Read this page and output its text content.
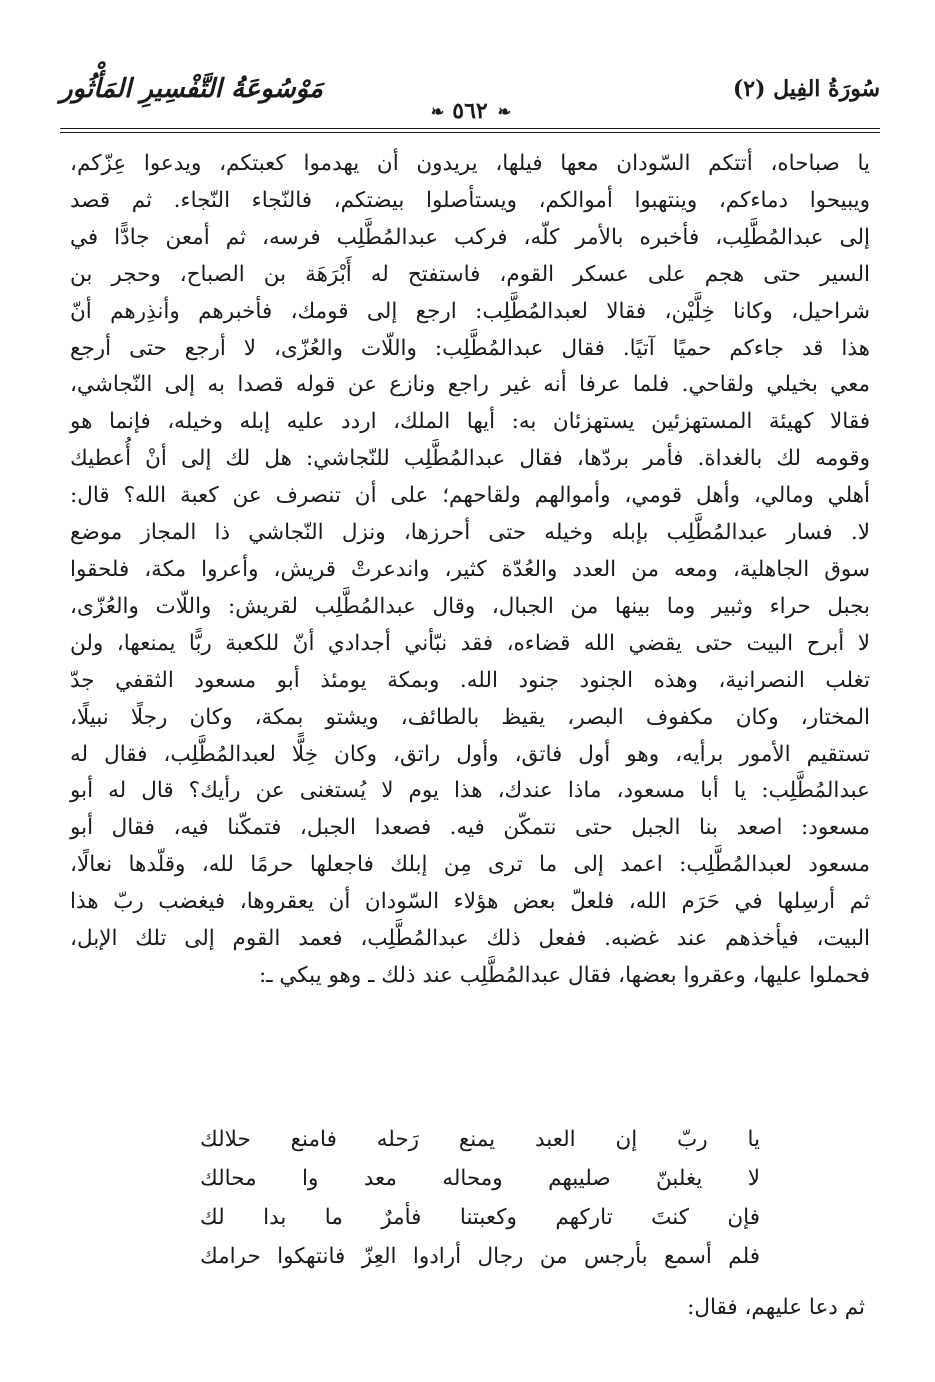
سُورَةُ الفِيل (٢)
مَوْسُوعَةُ التَّفْسِيرِ المَأْثُور
❧ ٥٦٢ ❧
يا صباحاه، أتتكم السّودان معها فيلها، يريدون أن يهدموا كعبتكم، ويدعوا عِزّكم،
ويبيحوا دماءكم، وينتهبوا أموالكم، ويستأصلوا بيضتكم، فالنّجاء النّجاء. ثم قصد
إلى عبدالمُطَّلِب، فأخبره بالأمر كلّه، فركب عبدالمُطَّلِب فرسه، ثم أمعن جادًّا في
السير حتى هجم على عسكر القوم، فاستفتح له أَبْرَهَة بن الصباح، وحجر بن
شراحيل، وكانا خِلَّيْن، فقالا لعبدالمُطَّلِب: ارجع إلى قومك، فأخبرهم وأنذِرهم أنّ
هذا قد جاءكم حميًا آتيًا. فقال عبدالمُطَّلِب: واللّات والعُزّى، لا أرجع حتى أرجع
معي بخيلي ولقاحي. فلما عرفا أنه غير راجع ونازع عن قوله قصدا به إلى النّجاشي،
فقالا كهيئة المستهزئين يستهزئان به: أيها الملك، اردد عليه إبله وخيله، فإنما هو
وقومه لك بالغداة. فأمر بردّها، فقال عبدالمُطَّلِب للنّجاشي: هل لك إلى أنْ أُعطيك
أهلي ومالي، وأهل قومي، وأموالهم ولقاحهم؛ على أن تنصرف عن كعبة الله؟ قال:
لا. فسار عبدالمُطَّلِب بإبله وخيله حتى أحرزها، ونزل النّجاشي ذا المجاز موضع
سوق الجاهلية، ومعه من العدد والعُدّة كثير، واندعرتْ قريش، وأعروا مكة، فلحقوا
بجبل حراء وثبير وما بينها من الجبال، وقال عبدالمُطَّلِب لقريش: واللّات والعُزّى،
لا أبرح البيت حتى يقضي الله قضاءه، فقد نبّأني أجدادي أنّ للكعبة ربًّا يمنعها، ولن
تغلب النصرانية، وهذه الجنود جنود الله. وبمكة يومئذ أبو مسعود الثقفي جدّ
المختار، وكان مكفوف البصر، يقيظ بالطائف، ويشتو بمكة، وكان رجلًا نبيلًا،
تستقيم الأمور برأيه، وهو أول فاتق، وأول راتق، وكان خِلًّا لعبدالمُطَّلِب، فقال له
عبدالمُطَّلِب: يا أبا مسعود، ماذا عندك، هذا يوم لا يُستغنى عن رأيك؟ قال له أبو
مسعود: اصعد بنا الجبل حتى نتمكّن فيه. فصعدا الجبل، فتمكّنا فيه، فقال أبو
مسعود لعبدالمُطَّلِب: اعمد إلى ما ترى مِن إبلك فاجعلها حرمًا لله، وقلّدها نعالًا،
ثم أرسِلها في حَرَم الله، فلعلّ بعض هؤلاء السّودان أن يعقروها، فيغضب ربّ هذا
البيت، فيأخذهم عند غضبه. ففعل ذلك عبدالمُطَّلِب، فعمد القوم إلى تلك الإبل،
فحملوا عليها، وعقروا بعضها، فقال عبدالمُطَّلِب عند ذلك ـ وهو يبكي ـ:
يا ربّ إن العبد يمنع رَحله فامنع حلالك
لا يغلبنّ صليبهم ومحاله معد وا محالك
فإن كنتَ تاركهم وكعبتنا فأمرٌ ما بدا لك
فلم أسمع بأرجس من رجال أرادوا العِزّ فانتهكوا حرامك
ثم دعا عليهم، فقال:
